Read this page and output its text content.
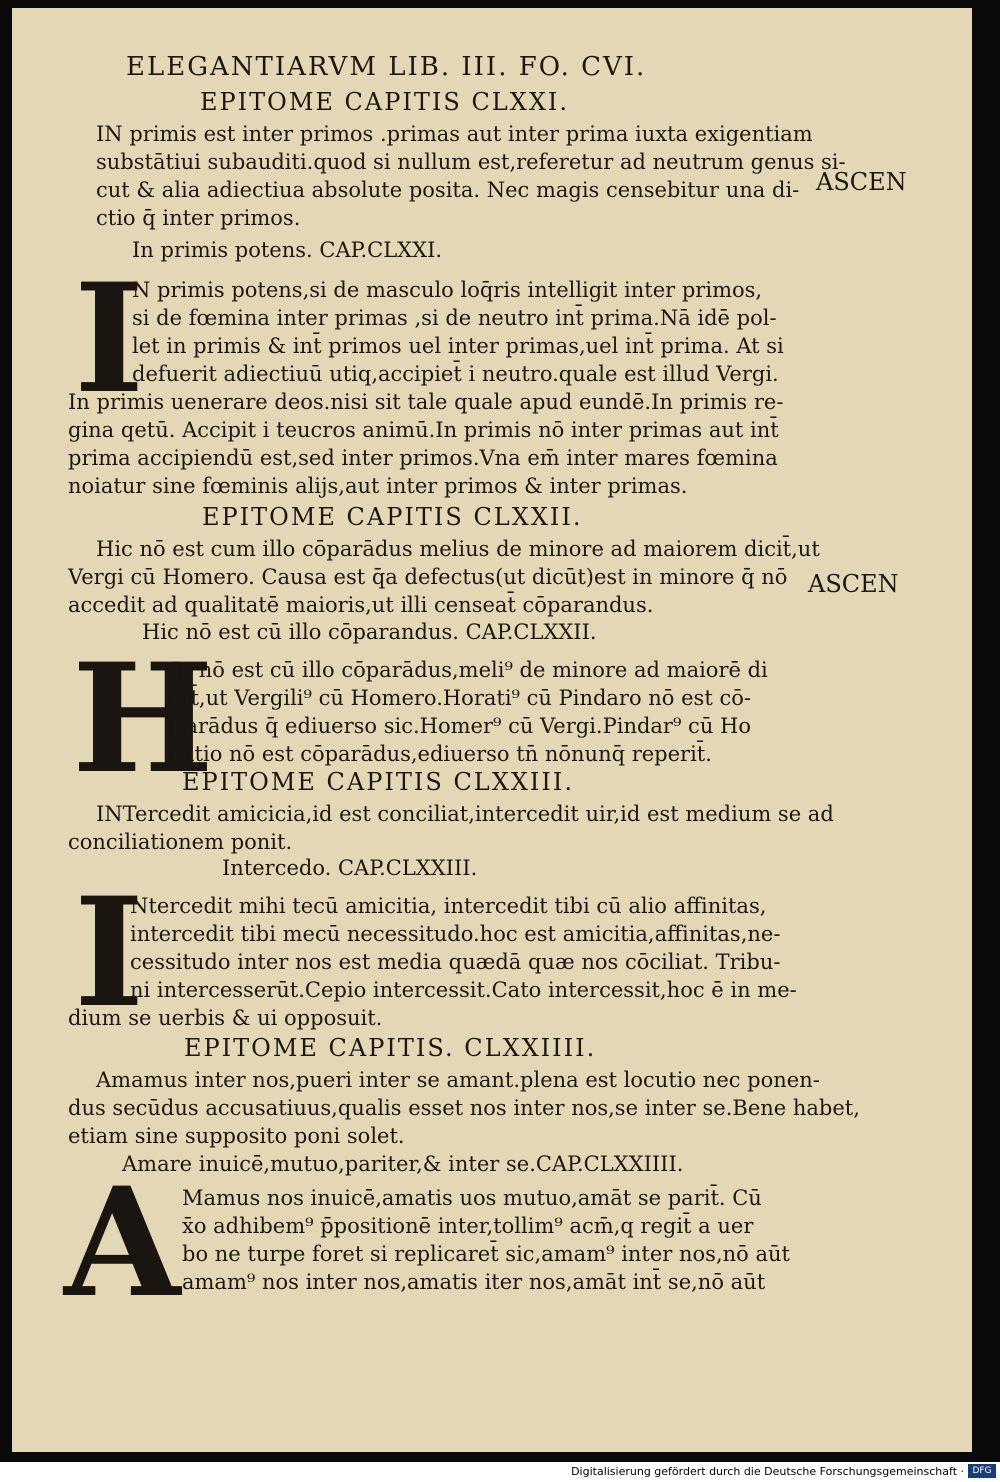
ELEGANTIARVM LIB. III. FO. CVI.
EPITOME CAPITIS CLXXI.
IN primis est inter primos .primas aut inter prima iuxta exigentiam
substātiui subauditi.quod si nullum est,referetur ad neutrum genus si-
cut & alia adiectiua absolute posita. Nec magis censebitur una di-
ctio q̄ inter primos.
ASCEN
In primis potens. CAP.CLXXI.
I
N primis potens,si de masculo loq̄ris intelligit inter primos,
si de fœmina inter primas ,si de neutro int̄ prima.Nā idē pol-
let in primis & int̄ primos uel inter primas,uel int̄ prima. At si
defuerit adiectiuū utiq,accipiet̄ i neutro.quale est illud Vergi.
In primis uenerare deos.nisi sit tale quale apud eundē.In primis re-
gina qetū. Accipit i teucros animū.In primis nō inter primas aut int̄
prima accipiendū est,sed inter primos.Vna em̄ inter mares fœmina
noiatur sine fœminis alijs,aut inter primos & inter primas.
EPITOME CAPITIS CLXXII.
Hic nō est cum illo cōparādus melius de minore ad maiorem dicit̄,ut
Vergi cū Homero. Causa est q̄a defectus(ut dicūt)est in minore q̄ nō
accedit ad qualitatē maioris,ut illi censeat̄ cōparandus.
ASCEN
Hic nō est cū illo cōparandus. CAP.CLXXII.
H
Ic nō est cū illo cōparādus,meli⁹ de minore ad maiorē di
cit̄,ut Vergili⁹ cū Homero.Horati⁹ cū Pindaro nō est cō-
parādus q̄ ediuerso sic.Homer⁹ cū Vergi.Pindar⁹ cū Ho
ratio nō est cōparādus,ediuerso tn̄ nōnunq̄ reperit̄.
EPITOME CAPITIS CLXXIII.
INTercedit amicicia,id est conciliat,intercedit uir,id est medium se ad
conciliationem ponit.
Intercedo. CAP.CLXXIII.
I
Ntercedit mihi tecū amicitia, intercedit tibi cū alio affinitas,
intercedit tibi mecū necessitudo.hoc est amicitia,affinitas,ne-
cessitudo inter nos est media quædā quæ nos cōciliat. Tribu-
ni intercesserūt.Cepio intercessit.Cato intercessit,hoc ē in me-
dium se uerbis & ui opposuit.
EPITOME CAPITIS. CLXXIIII.
Amamus inter nos,pueri inter se amant.plena est locutio nec ponen-
dus secūdus accusatiuus,qualis esset nos inter nos,se inter se.Bene habet,
etiam sine supposito poni solet.
Amare inuicē,mutuo,pariter,& inter se.CAP.CLXXIIII.
A Mamus nos inuicē,amatis uos mutuo,amāt se parit̄. Cū
x̄o adhibem⁹ p̄positionē inter,tollim⁹ acm̄,q regit̄ a uer
bo ne turpe foret si replicaret̄ sic,amam⁹ inter nos,nō aūt
amam⁹ nos inter nos,amatis iter nos,amāt int̄ se,nō aūt
Digitalisierung gefördert durch die Deutsche Forschungsgemeinschaft · DFG
